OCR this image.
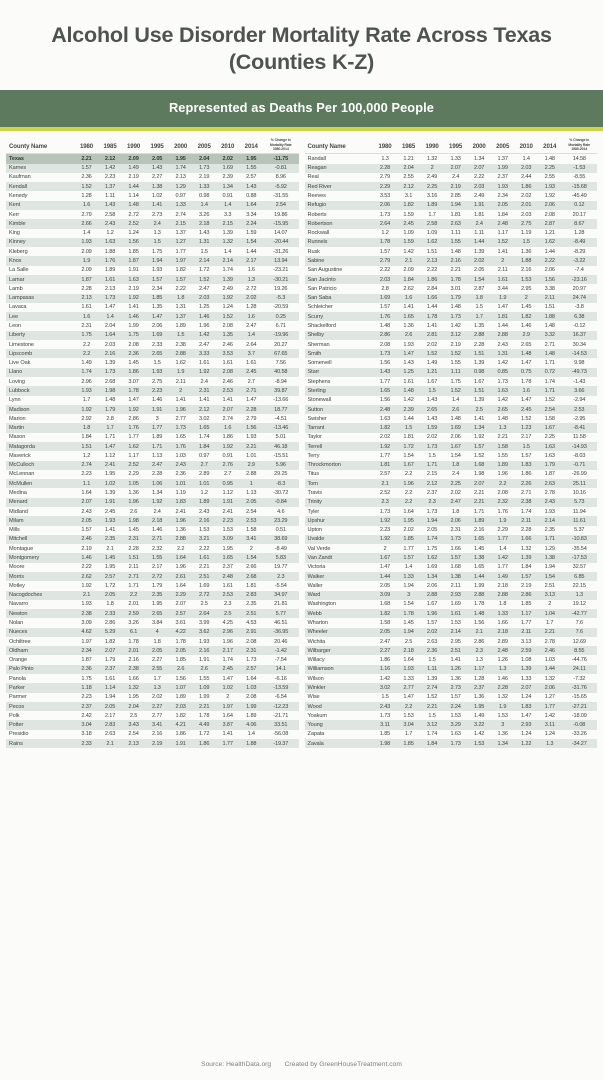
Alcohol Use Disorder Mortality Rate Across Texas
(Counties K-Z)
Represented as Deaths Per 100,000 People
County Name	1980	1985	1990	1995	2000	2005	2010	2014	% Change in
Mortality Rate
1980-2014

Texas	2.21	2.12	2.09	2.05	1.95	2.04	2.02	1.95	-11.75
Karnes	1.57	1.42	1.49	1.43	1.74	1.73	1.69	1.55	-0.81
Kaufman	2.36	2.23	2.19	2.27	2.13	2.19	2.39	2.57	8.96
Kendall	1.52	1.37	1.44	1.38	1.29	1.33	1.34	1.43	-5.92
Kenedy	1.28	1.11	1.14	1.02	0.97	0.98	0.91	0.88	-31.55
Kent	1.6	1.43	1.48	1.41	1.33	1.4	1.4	1.64	2.54
Kerr	2.79	2.58	2.72	2.73	2.74	3.26	3.3	3.34	19.86
Kimble	2.66	2.43	2.52	2.4	2.15	2.18	2.15	2.24	-15.95
King	1.4	1.2	1.24	1.3	1.37	1.43	1.39	1.59	14.07
Kinney	1.93	1.63	1.56	1.5	1.27	1.31	1.32	1.54	-20.44
Kleberg	2.09	1.88	1.85	1.75	1.77	1.5	1.4	1.44	-31.26
Knox	1.9	1.76	1.87	1.94	1.97	2.14	2.14	2.17	13.94
La Salle	2.09	1.89	1.91	1.93	1.82	1.72	1.74	1.6	-23.21
Lamar	1.87	1.61	1.63	1.57	1.57	1.52	1.39	1.3	-30.21
Lamb	2.28	2.13	2.19	2.34	2.22	2.47	2.49	2.72	19.26
Lampasas	2.13	1.73	1.92	1.85	1.8	2.03	1.92	2.02	-5.3
Lavaca	1.61	1.47	1.41	1.35	1.31	1.25	1.24	1.28	-20.59
Lee	1.6	1.4	1.46	1.47	1.37	1.46	1.52	1.6	0.25
Leon	2.31	2.04	1.99	2.06	1.89	1.96	2.08	2.47	6.71
Liberty	1.75	1.64	1.75	1.69	1.5	1.42	1.35	1.4	-19.96
Limestone	2.2	2.03	2.08	2.33	2.38	2.47	2.46	2.64	20.27
Lipscomb	2.2	2.16	2.36	2.65	2.88	3.33	3.53	3.7	67.65
Live Oak	1.49	1.39	1.45	1.5	1.62	1.61	1.61	1.61	7.56
Llano	1.74	1.73	1.86	1.93	1.9	1.92	2.08	2.45	40.58
Loving	2.96	2.68	3.07	2.75	2.11	2.4	2.46	2.7	-8.94
Lubbock	1.93	1.98	1.78	2.23	2	2.31	2.53	2.71	39.87
Lynn	1.7	1.48	1.47	1.46	1.41	1.41	1.41	1.47	-13.66
Madison	1.92	1.79	1.92	1.91	1.96	2.12	2.07	2.28	18.77
Marion	2.92	2.8	2.86	3	2.77	3.02	2.74	2.79	-4.51
Martin	1.8	1.7	1.76	1.77	1.73	1.65	1.6	1.56	-13.46
Mason	1.84	1.71	1.77	1.89	1.65	1.74	1.86	1.93	5.01
Matagorda	1.51	1.47	1.62	1.71	1.76	1.84	1.92	2.21	46.18
Maverick	1.2	1.12	1.17	1.13	1.03	0.97	0.91	1.01	-15.51
McCulloch	2.74	2.41	2.52	2.47	2.43	2.7	2.76	2.9	5.96
McLennan	2.23	1.95	2.29	2.28	2.36	2.89	2.7	2.88	29.25
McMullen	1.1	1.02	1.05	1.06	1.01	1.01	0.95	1	-8.3
Medina	1.64	1.39	1.36	1.34	1.19	1.2	1.12	1.13	-30.72
Menard	2.07	1.91	1.96	1.92	1.83	1.89	1.91	2.05	-0.84
Midland	2.43	2.45	2.6	2.4	2.41	2.43	2.41	2.54	4.6
Milam	2.05	1.93	1.98	2.18	1.96	2.16	2.23	2.53	23.29
Mills	1.57	1.41	1.45	1.46	1.36	1.53	1.53	1.58	0.51
Mitchell	2.46	2.35	2.31	2.71	2.88	3.21	3.09	3.41	38.69
Montague	2.19	2.1	2.28	2.32	2.2	2.22	1.95	2	-8.49
Montgomery	1.46	1.45	1.51	1.55	1.64	1.61	1.65	1.54	5.83
Moore	2.22	1.95	2.11	2.17	1.96	2.21	2.37	2.66	19.77
Morris	2.62	2.57	2.71	2.72	2.61	2.51	2.48	2.68	2.3
Motley	1.92	1.72	1.71	1.79	1.64	1.69	1.61	1.81	-5.54
Nacogdoches	2.1	2.05	2.2	2.35	2.29	2.72	2.53	2.83	34.97
Navarro	1.93	1.8	2.01	1.95	2.07	2.5	2.3	2.35	21.81
Newton	2.38	2.33	2.59	2.65	2.57	2.64	2.5	2.51	5.77
Nolan	3.09	2.86	3.26	3.84	3.61	3.99	4.25	4.53	46.51
Nueces	4.62	5.29	6.1	4	4.22	3.62	2.96	2.91	-36.95
Ochiltree	1.97	1.82	1.78	1.8	1.78	1.93	1.96	2.08	20.46
Oldham	2.34	2.07	2.01	2.05	2.05	2.16	2.17	2.31	-1.42
Orange	1.87	1.79	2.16	2.27	1.85	1.91	1.74	1.73	-7.54
Palo Pinto	2.36	2.37	2.38	2.55	2.6	2.6	2.45	2.57	14.1
Panola	1.75	1.61	1.66	1.7	1.56	1.55	1.47	1.64	-6.16
Parker	1.18	1.14	1.32	1.3	1.07	1.09	1.02	1.03	-13.59
Parmer	2.23	1.94	1.95	2.02	1.89	1.99	2	2.08	-6.54
Pecos	2.37	2.05	2.04	2.27	2.03	2.21	1.97	1.99	-12.23
Polk	2.42	2.17	2.5	2.77	1.82	1.78	1.64	1.89	-21.71
Potter	3.04	2.83	3.43	3.41	4.21	4.49	3.87	4.06	33.51
Presidio	3.18	2.63	2.54	2.16	1.86	1.72	1.41	1.4	-56.08
Rains	2.33	2.1	2.13	2.19	1.91	1.86	1.77	1.88	-19.37
County Name	1980	1985	1990	1995	2000	2005	2010	2014	% Change in
Mortality Rate
1980-2014

Randall	1.3	1.21	1.32	1.33	1.34	1.37	1.4	1.48	14.58
Reagan	2.28	2.04	2	2.07	2.07	1.99	2.03	2.25	-1.53
Real	2.79	2.55	2.49	2.4	2.22	2.37	2.44	2.55	-8.55
Red River	2.29	2.12	2.25	2.19	2.03	1.93	1.86	1.93	-15.68
Reeves	3.53	3.1	3.16	2.85	2.49	2.34	2.02	1.92	-45.49
Refugio	2.06	1.82	1.89	1.94	1.91	2.05	2.01	2.06	0.12
Roberts	1.73	1.59	1.7	1.81	1.81	1.84	2.03	2.08	20.17
Robertson	2.64	2.45	2.58	2.63	2.4	2.48	2.75	2.87	8.67
Rockwall	1.2	1.09	1.09	1.11	1.11	1.17	1.19	1.21	1.28
Runnels	1.78	1.59	1.62	1.55	1.44	1.52	1.5	1.62	-8.49
Rusk	1.57	1.42	1.51	1.48	1.39	1.41	1.36	1.44	-8.29
Sabine	2.79	2.1	2.13	2.16	2.02	2	1.88	2.22	-3.22
San Augustine	2.22	2.09	2.22	2.21	2.05	2.11	2.16	2.06	-7.4
San Jacinto	2.03	1.84	1.86	1.78	1.54	1.61	1.53	1.56	-23.16
San Patricio	2.8	2.62	2.84	3.01	2.87	3.44	2.95	3.38	20.97
San Saba	1.69	1.6	1.66	1.79	1.8	1.9	2	2.11	24.74
Schleicher	1.57	1.41	1.44	1.48	1.5	1.47	1.45	1.51	-3.8
Scurry	1.76	1.65	1.78	1.73	1.7	1.81	1.82	1.88	6.38
Shackelford	1.48	1.36	1.41	1.42	1.35	1.44	1.46	1.48	-0.12
Shelby	2.86	2.6	2.81	3.12	2.88	2.88	2.9	3.32	16.37
Sherman	2.08	1.93	2.02	2.19	2.28	2.43	2.65	2.71	30.34
Smith	1.73	1.47	1.52	1.52	1.51	1.31	1.48	1.48	-14.53
Somervell	1.56	1.43	1.49	1.55	1.39	1.42	1.47	1.71	9.98
Starr	1.43	1.25	1.21	1.11	0.98	0.85	0.75	0.72	-49.73
Stephens	1.77	1.61	1.67	1.75	1.67	1.73	1.78	1.74	-1.43
Sterling	1.65	1.48	1.5	1.52	1.51	1.63	1.6	1.71	3.66
Stonewall	1.56	1.42	1.43	1.4	1.39	1.42	1.47	1.52	-2.94
Sutton	2.48	2.39	2.65	2.6	2.5	2.65	2.45	2.54	2.53
Swisher	1.63	1.44	1.43	1.48	1.41	1.48	1.52	1.58	-2.95
Tarrant	1.82	1.5	1.59	1.69	1.34	1.3	1.23	1.67	-8.41
Taylor	2.02	1.81	2.02	2.06	1.92	2.21	2.17	2.25	11.58
Terrell	1.92	1.72	1.73	1.67	1.57	1.58	1.5	1.63	-14.93
Terry	1.77	1.54	1.5	1.54	1.52	1.55	1.57	1.63	-8.03
Throckmorton	1.81	1.67	1.71	1.8	1.68	1.89	1.83	1.79	-0.71
Titus	2.57	2.2	2.15	2.4	1.98	1.96	1.86	1.87	-26.99
Tom	2.1	1.96	2.12	2.25	2.07	2.2	2.26	2.63	25.11
Travis	2.52	2.2	2.37	2.02	2.21	2.08	2.71	2.78	10.16
Trinity	2.3	2.2	2.3	2.47	2.21	2.32	2.38	2.43	5.73
Tyler	1.73	1.64	1.73	1.8	1.71	1.76	1.74	1.93	11.94
Upshur	1.92	1.95	1.94	2.06	1.89	1.9	2.11	2.14	11.61
Upton	2.23	2.02	2.05	2.31	2.16	2.29	2.28	2.35	5.37
Uvalde	1.92	1.85	1.74	1.73	1.65	1.77	1.66	1.71	-10.83
Val Verde	2	1.77	1.75	1.66	1.45	1.4	1.32	1.29	-35.54
Van Zandt	1.67	1.57	1.62	1.57	1.38	1.42	1.39	1.38	-17.53
Victoria	1.47	1.4	1.69	1.68	1.65	1.77	1.84	1.94	32.57
Walker	1.44	1.33	1.34	1.38	1.44	1.49	1.57	1.54	6.85
Waller	2.05	1.94	2.06	2.11	1.99	2.18	2.19	2.51	22.15
Ward	3.09	3	2.88	2.93	2.88	2.88	2.86	3.13	1.3
Washington	1.68	1.54	1.67	1.69	1.78	1.8	1.85	2	19.12
Webb	1.82	1.78	1.96	1.61	1.48	1.33	1.17	1.04	-42.77
Wharton	1.58	1.45	1.57	1.53	1.56	1.66	1.77	1.7	7.6
Wheeler	2.05	1.94	2.02	2.14	2.1	2.18	2.11	2.21	7.6
Wichita	2.47	2.5	2.63	2.95	2.86	2.89	3.13	2.78	12.69
Wilbarger	2.27	2.18	2.36	2.51	2.3	2.48	2.59	2.46	8.55
Willacy	1.86	1.64	1.5	1.41	1.3	1.26	1.08	1.03	-44.76
Williamson	1.16	1.03	1.11	1.26	1.17	1.3	1.39	1.44	24.11
Wilson	1.42	1.33	1.39	1.36	1.28	1.46	1.33	1.32	-7.32
Winkler	3.02	2.77	2.74	2.73	2.37	2.28	2.07	2.06	-31.76
Wise	1.5	1.47	1.52	1.57	1.36	1.32	1.24	1.27	-15.65
Wood	2.43	2.2	2.21	2.24	1.95	1.9	1.83	1.77	-27.21
Yoakum	1.73	1.53	1.5	1.53	1.49	1.53	1.47	1.42	-18.09
Young	3.11	3.04	3.12	3.29	3.22	3	2.93	3.11	-0.08
Zapata	1.85	1.7	1.74	1.63	1.42	1.36	1.24	1.24	-33.26
Zavala	1.98	1.85	1.84	1.73	1.53	1.34	1.22	1.3	-34.27
Source: HealthData.org Created by GreenHouseTreatment.com
